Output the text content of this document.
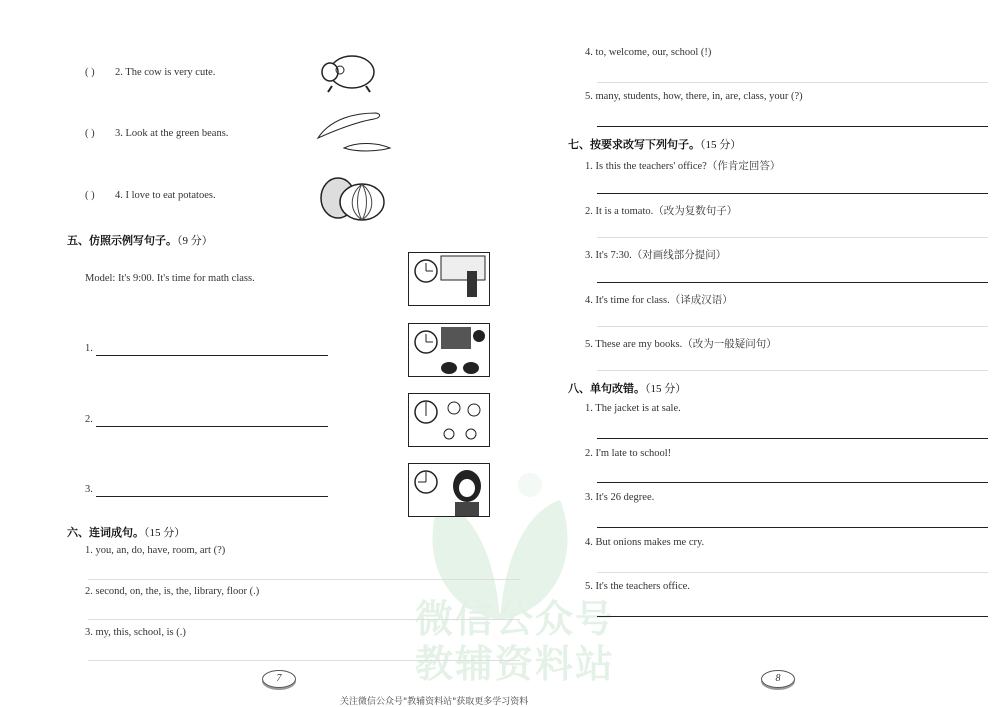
微信公众号
教辅资料站
( ) 2. The cow is very cute.
( ) 3. Look at the green beans.
( ) 4. I love to eat potatoes.
五、仿照示例写句子。（9 分）
Model: It's 9:00. It's time for math class.
1.
2.
3.
六、连词成句。（15 分）
1. you, an, do, have, room, art (?)
2. second, on, the, is, the, library, floor (.)
3. my, this, school, is (.)
7
4. to, welcome, our, school (!)
5. many, students, how, there, in, are, class, your (?)
七、按要求改写下列句子。（15 分）
1. Is this the teachers' office?（作肯定回答）
2. It is a tomato.（改为复数句子）
3. It's 7:30.（对画线部分提问）
4. It's time for class.（译成汉语）
5. These are my books.（改为一般疑问句）
八、单句改错。（15 分）
1. The jacket is at sale.
2. I'm late to school!
3. It's 26 degree.
4. But onions makes me cry.
5. It's the teachers office.
8
关注微信公众号"教辅资料站"获取更多学习资料
